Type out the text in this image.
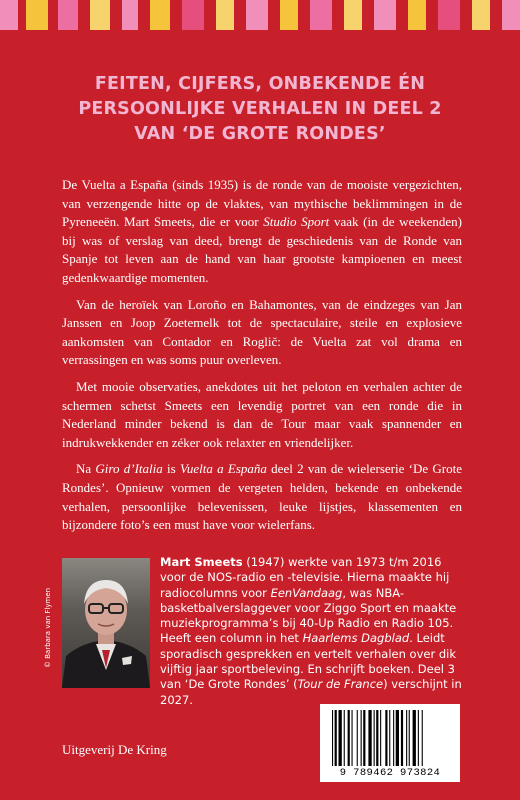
FEITEN, CIJFERS, ONBEKENDE ÉN
PERSOONLIJKE VERHALEN IN DEEL 2
VAN ‘DE GROTE RONDES’

De Vuelta a España (sinds 1935) is de ronde van de mooiste vergezichten, van verzengende hitte op de vlaktes, van mythische beklimmingen in de Pyreneeën. Mart Smeets, die er voor Studio Sport vaak (in de weekenden) bij was of verslag van deed, brengt de geschiedenis van de Ronde van Spanje tot leven aan de hand van haar grootste kampioenen en meest gedenkwaardige momenten.

Van de heroïek van Loroño en Bahamontes, van de eindzeges van Jan Janssen en Joop Zoetemelk tot de spectaculaire, steile en explosieve aankomsten van Contador en Roglič: de Vuelta zat vol drama en verrassingen en was soms puur overleven.

Met mooie observaties, anekdotes uit het peloton en verhalen achter de schermen schetst Smeets een levendig portret van een ronde die in Nederland minder bekend is dan de Tour maar vaak spannender en indrukwekkender en zéker ook relaxter en vriendelijker.

Na Giro d’Italia is Vuelta a España deel 2 van de wielerserie ‘De Grote Rondes’. Opnieuw vormen de vergeten helden, bekende en onbekende verhalen, persoonlijke belevenissen, leuke lijstjes, klassementen en bijzondere foto’s een must have voor wielerfans.

© Barbara van Flymen
Mart Smeets (1947) werkte van 1973 t/m 2016 voor de NOS-radio en -televisie. Hierna maakte hij radiocolumns voor EenVandaag, was NBA-basketbalverslaggever voor Ziggo Sport en maakte muziekprogramma’s bij 40-Up Radio en Radio 105. Heeft een column in het Haarlems Dagblad. Leidt sporadisch gesprekken en vertelt verhalen over dik vijftig jaar sportbeleving. En schrijft boeken. Deel 3 van ‘De Grote Rondes’ (Tour de France) verschijnt in 2027.
Uitgeverij De Kring
9 789462 973824
